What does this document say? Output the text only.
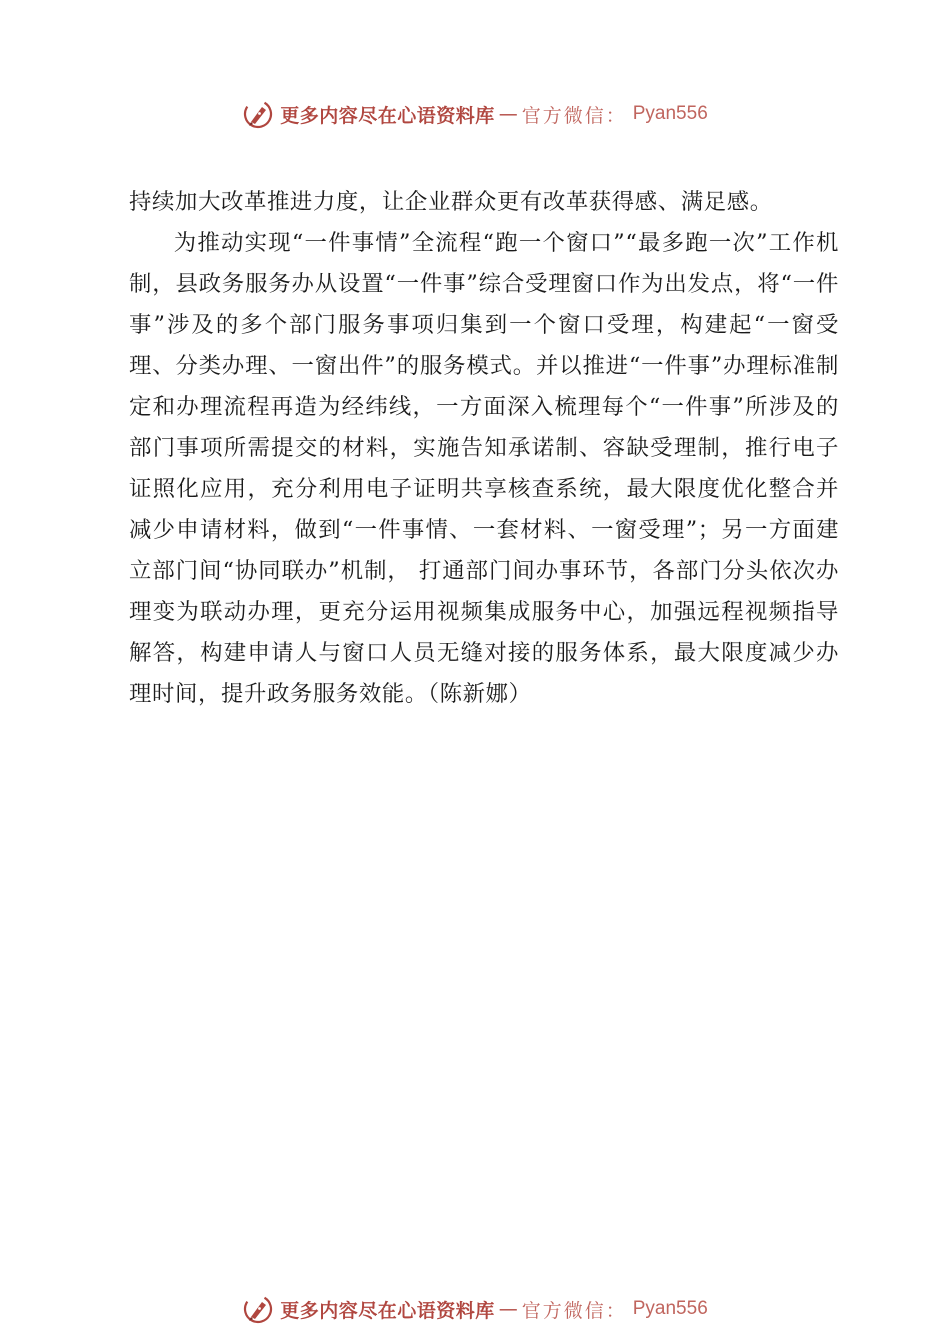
更多内容尽在心语资料库 — 官方微信： Pyan556

持续加大改革推进力度，让企业群众更有改革获得感、满足感。

为推动实现“一件事情”全流程“跑一个窗口”“最多跑一次”工作机制，县政务服务办从设置“一件事”综合受理窗口作为出发点，将“一件事”涉及的多个部门服务事项归集到一个窗口受理，构建起“一窗受理、分类办理、一窗出件”的服务模式。并以推进“一件事”办理标准制定和办理流程再造为经纬线，一方面深入梳理每个“一件事”所涉及的部门事项所需提交的材料，实施告知承诺制、容缺受理制，推行电子证照化应用，充分利用电子证明共享核查系统，最大限度优化整合并减少申请材料，做到“一件事情、一套材料、一窗受理”；另一方面建立部门间“协同联办”机制， 打通部门间办事环节，各部门分头依次办理变为联动办理，更充分运用视频集成服务中心，加强远程视频指导解答，构建申请人与窗口人员无缝对接的服务体系，最大限度减少办理时间，提升政务服务效能。（陈新娜）

更多内容尽在心语资料库 — 官方微信： Pyan556
